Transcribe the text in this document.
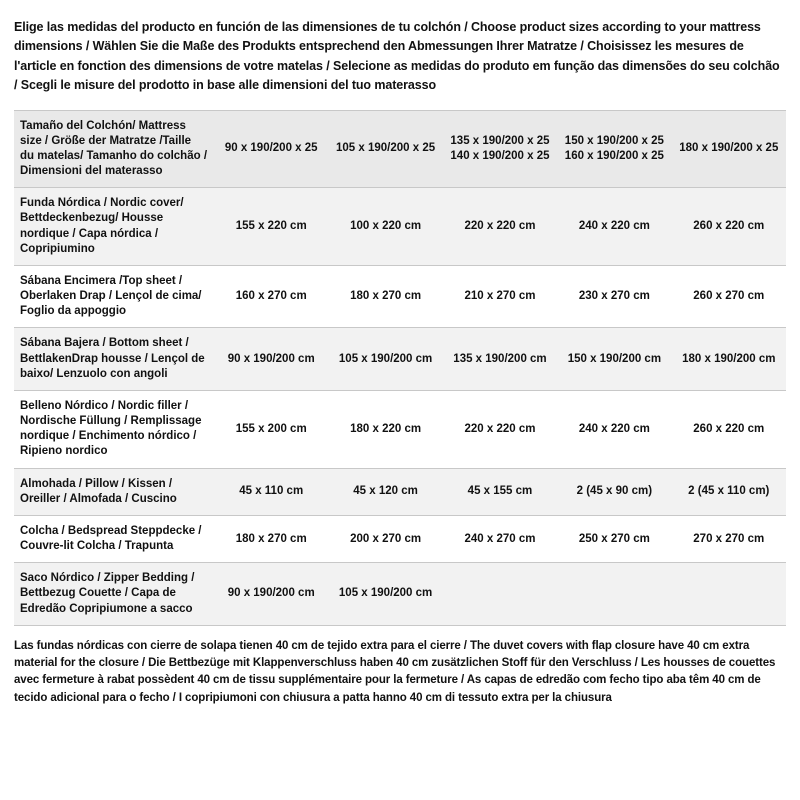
Elige las medidas del producto en función de las dimensiones de tu colchón / Choose product sizes according to your mattress dimensions / Wählen Sie die Maße des Produkts entsprechend den Abmessungen Ihrer Matratze / Choisissez les mesures de l'article en fonction des dimensions de votre matelas / Selecione as medidas do produto em função das dimensões do seu colchão / Scegli le misure del prodotto in base alle dimensioni del tuo materasso
Tamaño del Colchón/ Mattress size / Größe der Matratze /Taille du matelas/ Tamanho do colchão / Dimensioni del materasso	90 x 190/200 x 25	105 x 190/200 x 25	135 x 190/200 x 25 140 x 190/200 x 25	150 x 190/200 x 25 160 x 190/200 x 25	180 x 190/200 x 25
Funda Nórdica / Nordic cover/ Bettdeckenbezug/ Housse nordique / Capa nórdica / Copripiumino	155 x 220 cm	100 x 220 cm	220 x 220 cm	240 x 220 cm	260 x 220 cm
Sábana Encimera /Top sheet / Oberlaken Drap / Lençol de cima/ Foglio da appoggio	160 x 270 cm	180 x 270 cm	210 x 270 cm	230 x 270 cm	260 x 270 cm
Sábana Bajera / Bottom sheet / BettlakenDrap housse / Lençol de baixo/ Lenzuolo con angoli	90 x 190/200 cm	105 x 190/200 cm	135 x 190/200 cm	150 x 190/200 cm	180 x 190/200 cm
Belleno Nórdico / Nordic filler / Nordische Füllung / Remplissage nordique / Enchimento nórdico / Ripieno nordico	155 x 200 cm	180 x 220 cm	220 x 220 cm	240 x 220 cm	260 x 220 cm
Almohada / Pillow / Kissen / Oreiller / Almofada / Cuscino	45 x 110 cm	45 x 120 cm	45 x 155 cm	2 (45 x 90 cm)	2 (45 x 110 cm)
Colcha / Bedspread Steppdecke / Couvre-lit Colcha / Trapunta	180 x 270 cm	200 x 270 cm	240 x 270 cm	250 x 270 cm	270 x 270 cm
Saco Nórdico / Zipper Bedding / Bettbezug Couette / Capa de Edredão Copripiumone a sacco	90 x 190/200 cm	105 x 190/200 cm			
Las fundas nórdicas con cierre de solapa tienen 40 cm de tejido extra para el cierre / The duvet covers with flap closure have 40 cm extra material for the closure / Die Bettbezüge mit Klappenverschluss haben 40 cm zusätzlichen Stoff für den Verschluss / Les housses de couettes avec fermeture à rabat possèdent 40 cm de tissu supplémentaire pour la fermeture / As capas de edredão com fecho tipo aba têm 40 cm de tecido adicional para o fecho / I copripiumoni con chiusura a patta hanno 40 cm di tessuto extra per la chiusura
